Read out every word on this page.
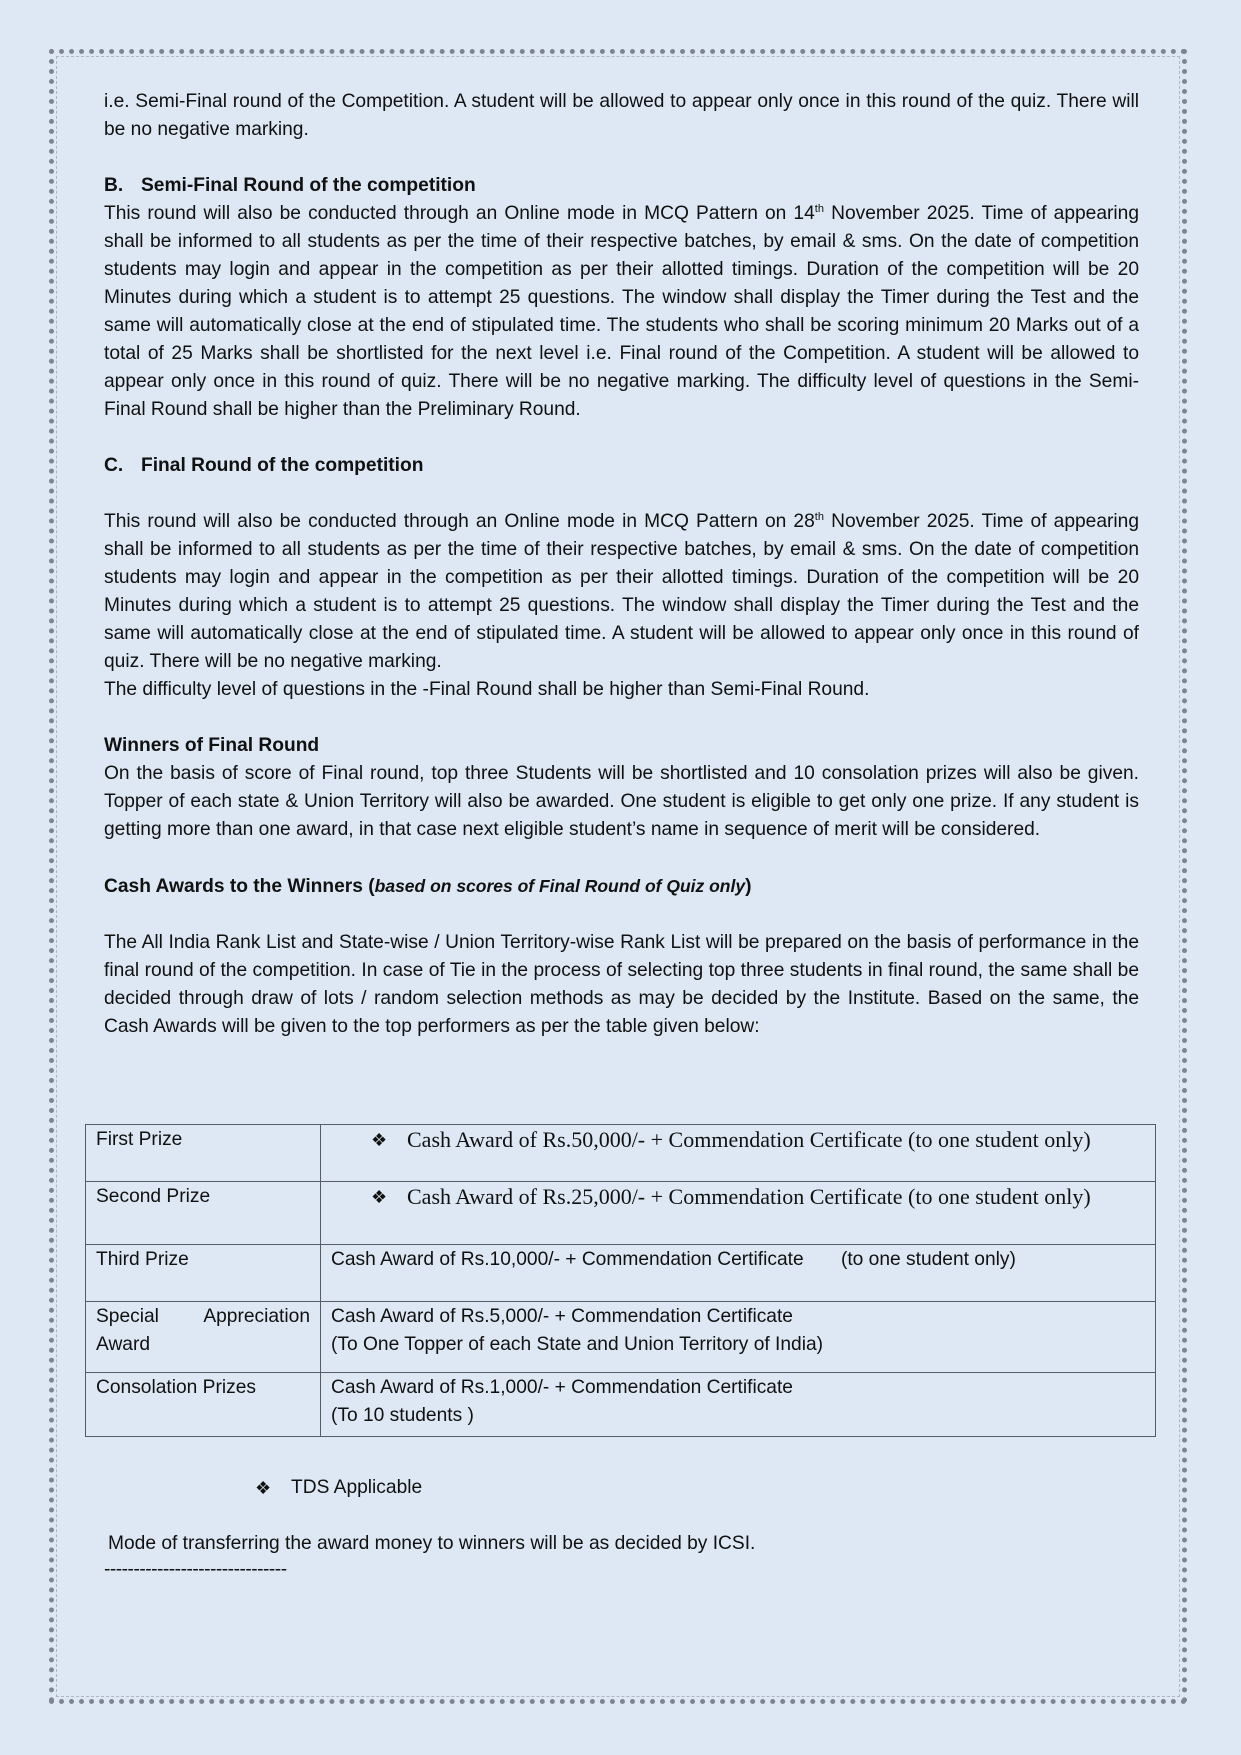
i.e. Semi-Final round of the Competition. A student will be allowed to appear only once in this round of the quiz. There will be no negative marking.

B. Semi-Final Round of the competition

This round will also be conducted through an Online mode in MCQ Pattern on 14th November 2025. Time of appearing shall be informed to all students as per the time of their respective batches, by email & sms. On the date of competition students may login and appear in the competition as per their allotted timings. Duration of the competition will be 20 Minutes during which a student is to attempt 25 questions. The window shall display the Timer during the Test and the same will automatically close at the end of stipulated time. The students who shall be scoring minimum 20 Marks out of a total of 25 Marks shall be shortlisted for the next level i.e. Final round of the Competition. A student will be allowed to appear only once in this round of quiz. There will be no negative marking. The difficulty level of questions in the Semi-Final Round shall be higher than the Preliminary Round.

C. Final Round of the competition

This round will also be conducted through an Online mode in MCQ Pattern on 28th November 2025. Time of appearing shall be informed to all students as per the time of their respective batches, by email & sms. On the date of competition students may login and appear in the competition as per their allotted timings. Duration of the competition will be 20 Minutes during which a student is to attempt 25 questions. The window shall display the Timer during the Test and the same will automatically close at the end of stipulated time. A student will be allowed to appear only once in this round of quiz. There will be no negative marking.

The difficulty level of questions in the -Final Round shall be higher than Semi-Final Round.

Winners of Final Round

On the basis of score of Final round, top three Students will be shortlisted and 10 consolation prizes will also be given. Topper of each state & Union Territory will also be awarded. One student is eligible to get only one prize. If any student is getting more than one award, in that case next eligible student’s name in sequence of merit will be considered.

Cash Awards to the Winners (based on scores of Final Round of Quiz only)

The All India Rank List and State-wise / Union Territory-wise Rank List will be prepared on the basis of performance in the final round of the competition. In case of Tie in the process of selecting top three students in final round, the same shall be decided through draw of lots / random selection methods as may be decided by the Institute. Based on the same, the Cash Awards will be given to the top performers as per the table given below:

First Prize	❖ Cash Award of Rs.50,000/- + Commendation Certificate (to one student only)

Second Prize	❖ Cash Award of Rs.25,000/- + Commendation Certificate (to one student only)

Third Prize	Cash Award of Rs.10,000/- + Commendation Certificate       (to one student only)
Special Appreciation Award	Cash Award of Rs.5,000/- + Commendation Certificate
(To One Topper of each State and Union Territory of India)

Consolation Prizes	Cash Award of Rs.1,000/- + Commendation Certificate
(To 10 students )
❖	TDS Applicable
Mode of transferring the award money to winners will be as decided by ICSI.
-------------------------------
